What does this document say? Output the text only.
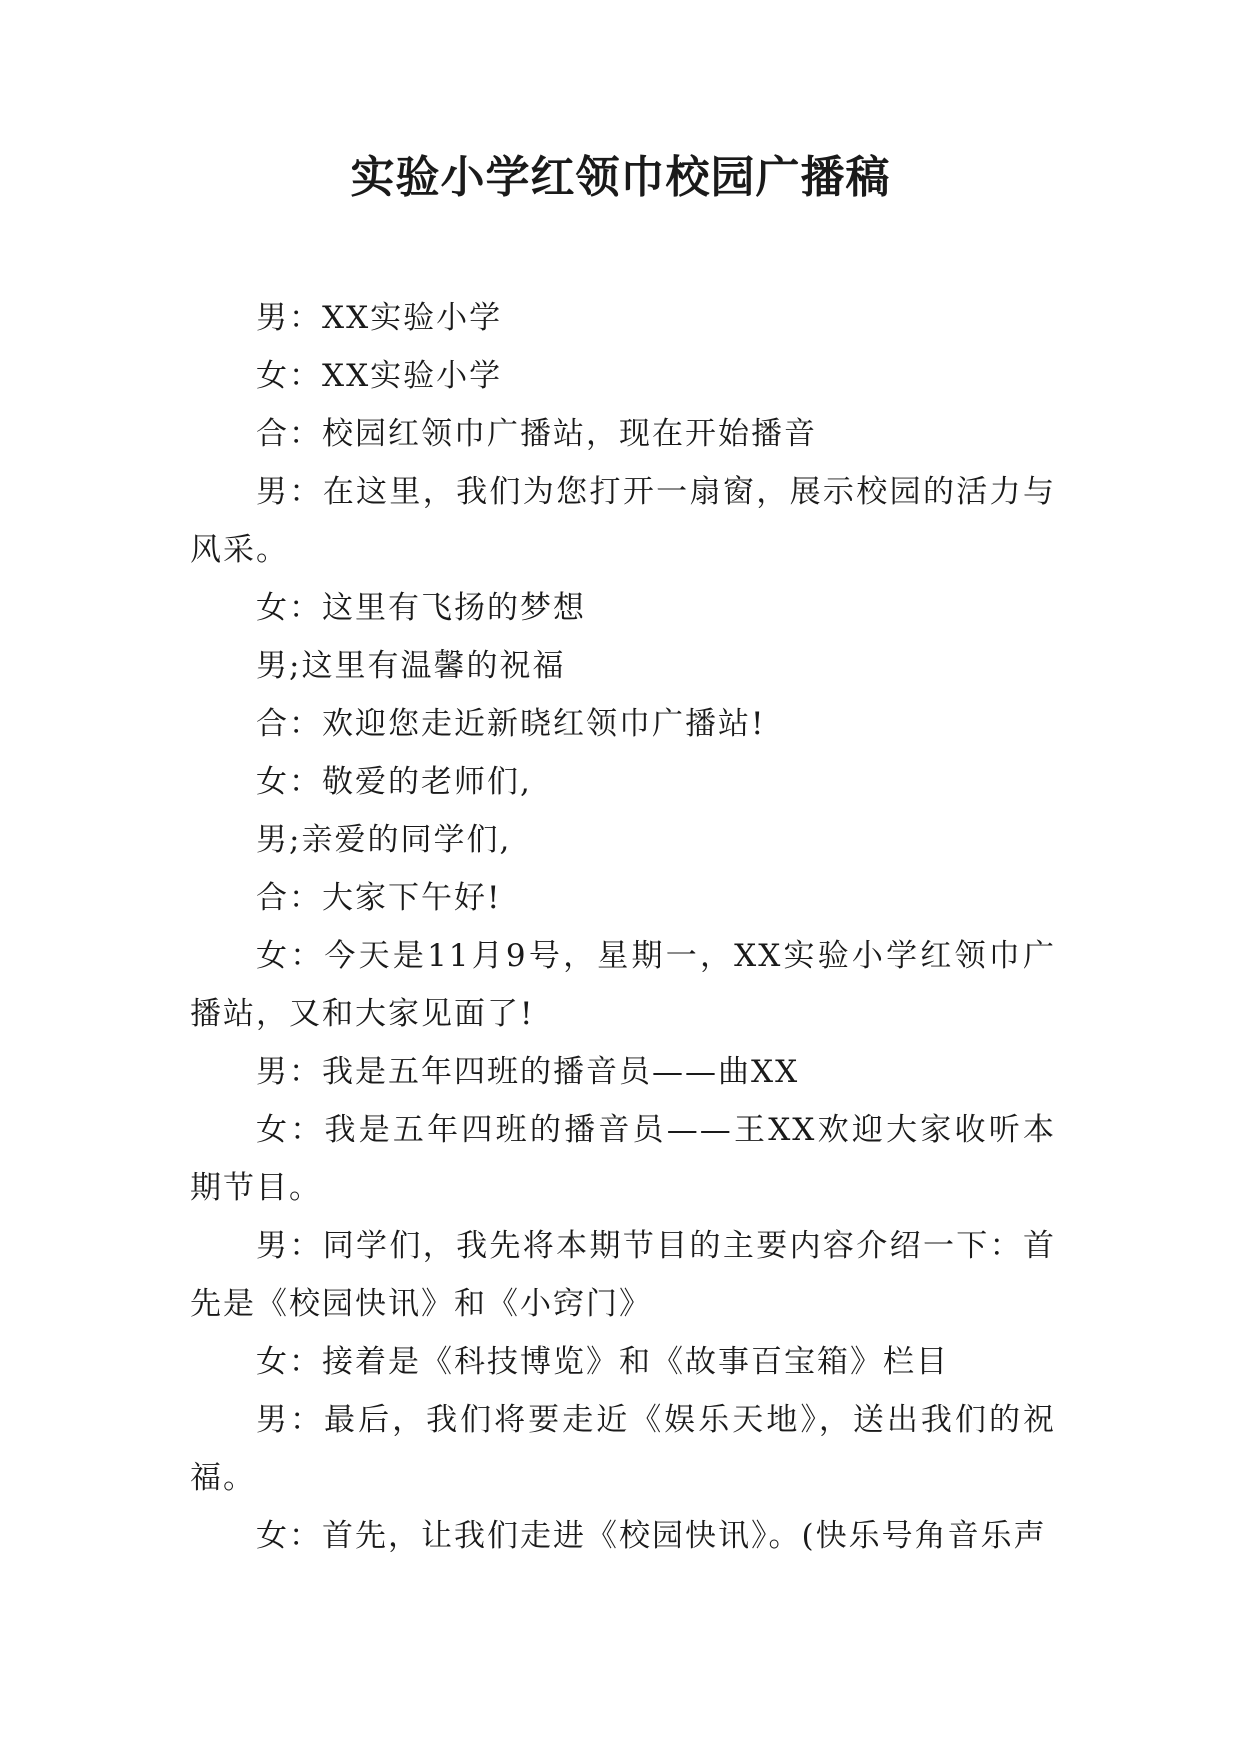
实验小学红领巾校园广播稿

男：XX实验小学

女：XX实验小学

合：校园红领巾广播站，现在开始播音

男：在这里，我们为您打开一扇窗，展示校园的活力与风采。

女：这里有飞扬的梦想

男;这里有温馨的祝福

合：欢迎您走近新晓红领巾广播站!

女：敬爱的老师们,

男;亲爱的同学们,

合：大家下午好!

女：今天是11月9号，星期一，XX实验小学红领巾广播站，又和大家见面了!

男：我是五年四班的播音员——曲XX

女：我是五年四班的播音员——王XX欢迎大家收听本期节目。

男：同学们，我先将本期节目的主要内容介绍一下：首先是《校园快讯》和《小窍门》

女：接着是《科技博览》和《故事百宝箱》栏目

男：最后，我们将要走近《娱乐天地》，送出我们的祝福。

女：首先，让我们走进《校园快讯》。(快乐号角音乐声
